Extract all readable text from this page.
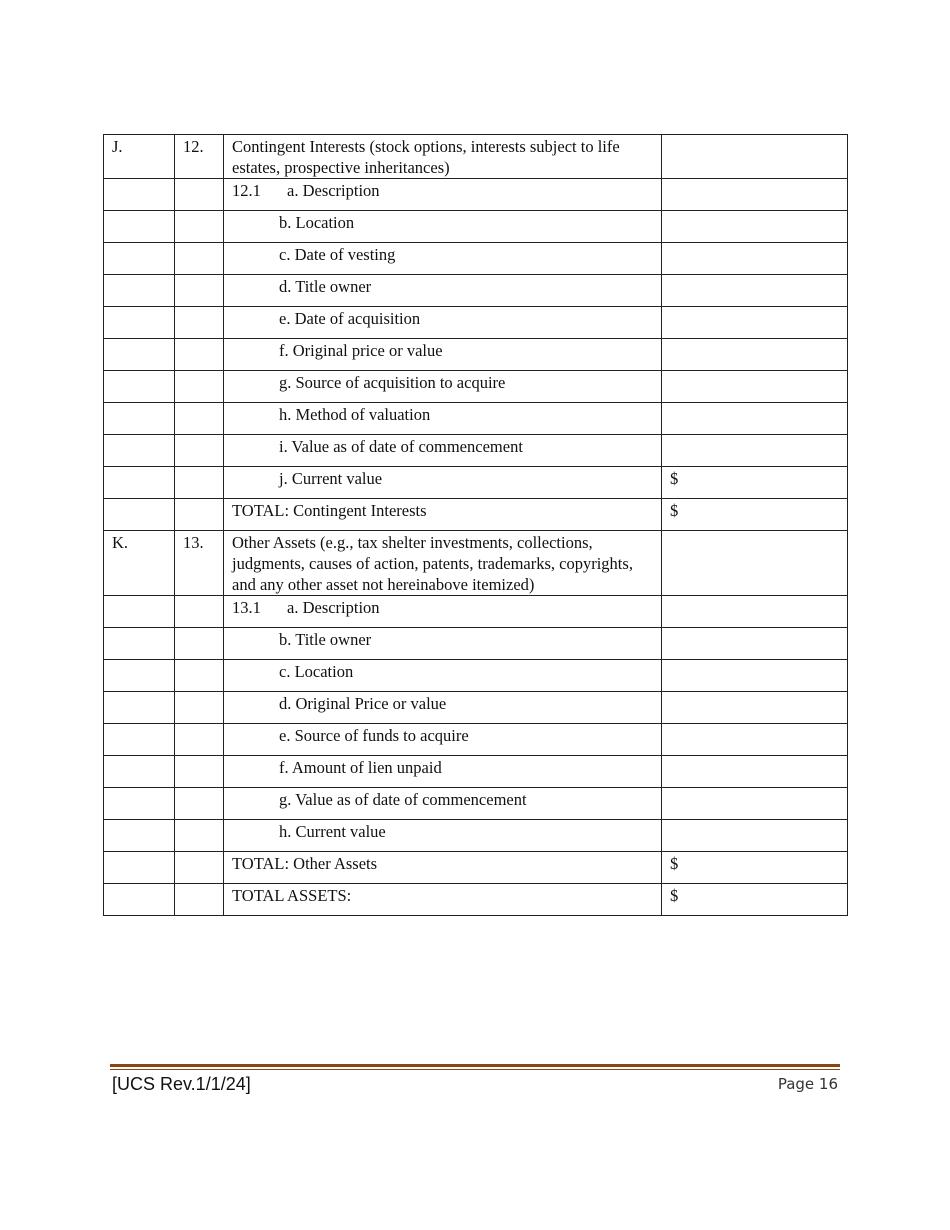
J.	12.	Contingent Interests (stock options, interests subject to life estates, prospective inheritances)	
		12.1 a. Description	

		b. Location	

		c. Date of vesting	

		d. Title owner	

		e. Date of acquisition	

		f. Original price or value	

		g. Source of acquisition to acquire	

		h. Method of valuation	

		i. Value as of date of commencement	

		j. Current value	$
		TOTAL: Contingent Interests	$
K.	13.	Other Assets (e.g., tax shelter investments, collections, judgments, causes of action, patents, trademarks, copyrights, and any other asset not hereinabove itemized)	
		13.1 a. Description	

		b. Title owner	

		c. Location	

		d. Original Price or value	

		e. Source of funds to acquire	

		f. Amount of lien unpaid	

		g. Value as of date of commencement	

		h. Current value	

		TOTAL: Other Assets	$
		TOTAL ASSETS:	$
[UCS Rev.1/1/24]	Page 16
